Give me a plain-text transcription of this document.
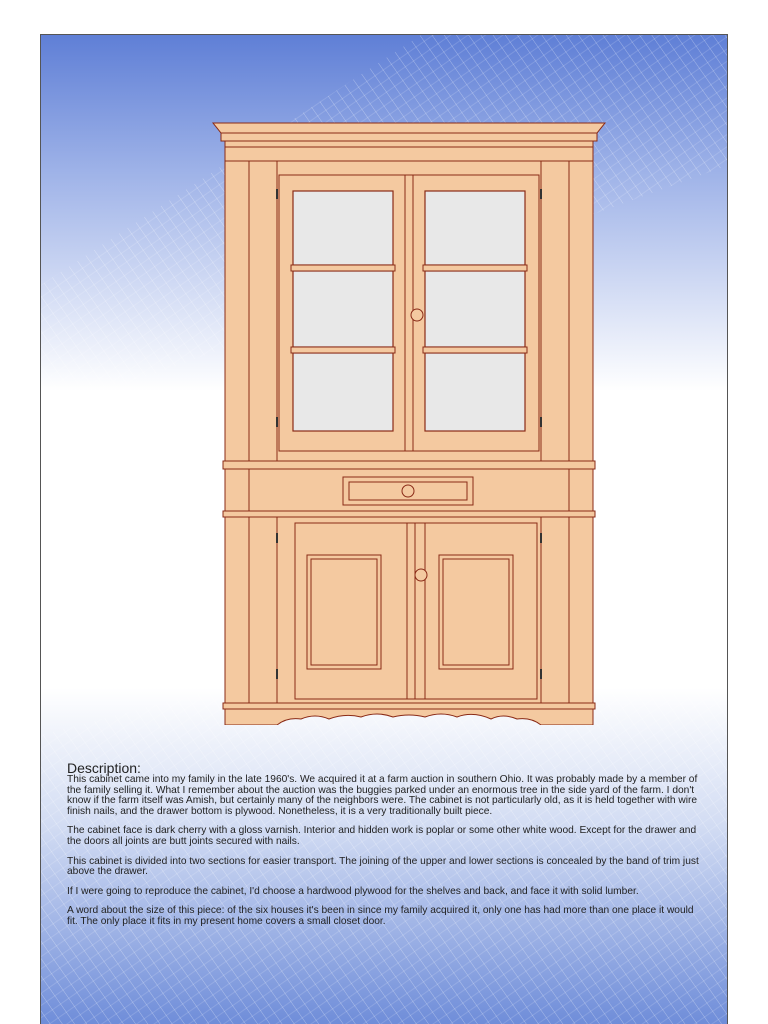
Description:

This cabinet came into my family in the late 1960's. We acquired it at a farm auction in southern Ohio. It was probably made by a member of the family selling it. What I remember about the auction was the buggies parked under an enormous tree in the side yard of the farm. I don't know if the farm itself was Amish, but certainly many of the neighbors were. The cabinet is not particularly old, as it is held together with wire finish nails, and the drawer bottom is plywood. Nonetheless, it is a very traditionally built piece.

The cabinet face is dark cherry with a gloss varnish. Interior and hidden work is poplar or some other white wood. Except for the drawer and the doors all joints are butt joints secured with nails.

This cabinet is divided into two sections for easier transport. The joining of the upper and lower sections is concealed by the band of trim just above the drawer.

If I were going to reproduce the cabinet, I'd choose a hardwood plywood for the shelves and back, and face it with solid lumber.

A word about the size of this piece: of the six houses it's been in since my family acquired it, only one has had more than one place it would fit. The only place it fits in my present home covers a small closet door.
